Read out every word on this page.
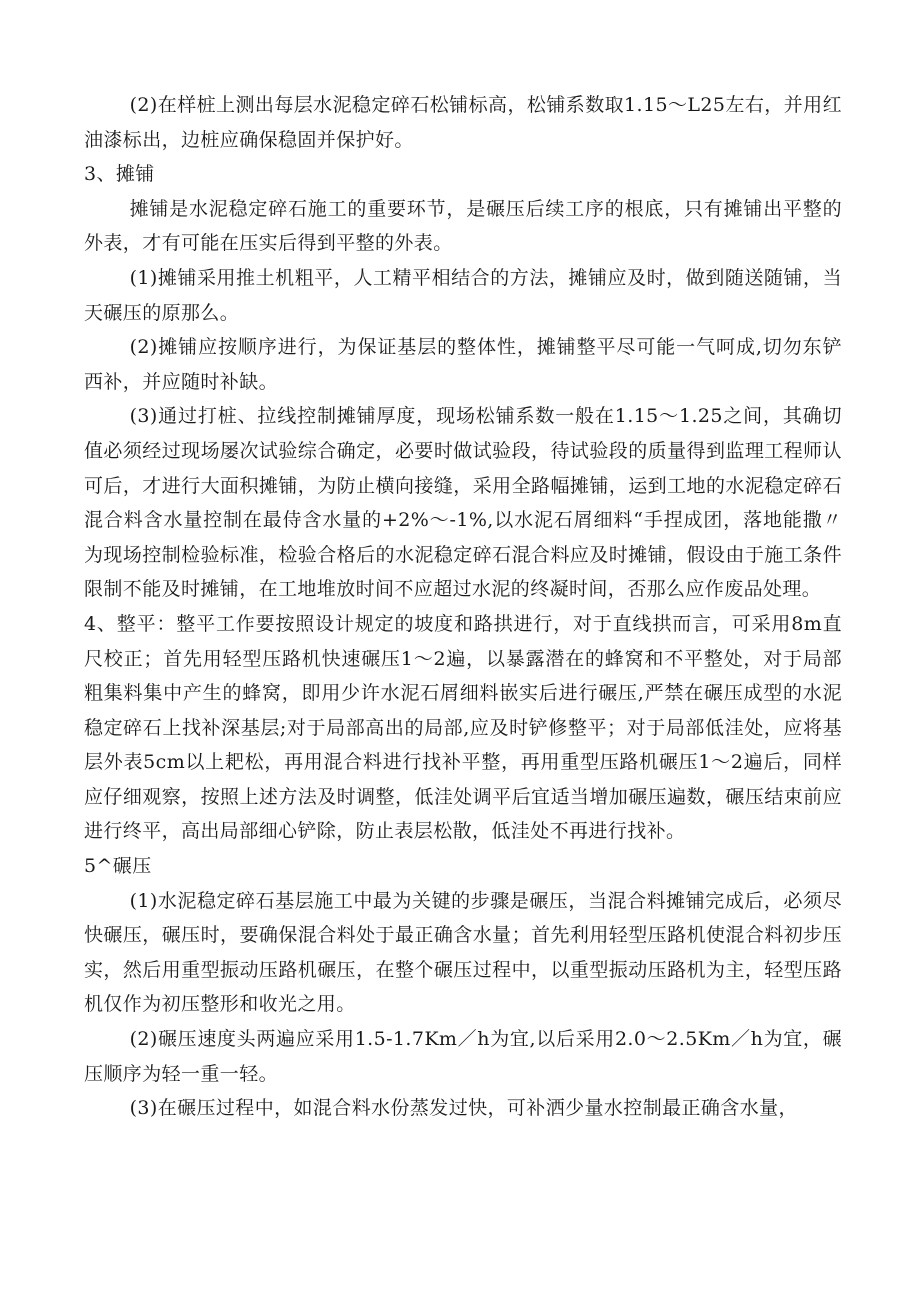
(2)在样桩上测出每层水泥稳定碎石松铺标高，松铺系数取1.15～L25左右，并用红油漆标出，边桩应确保稳固并保护好。

3、摊铺

摊铺是水泥稳定碎石施工的重要环节，是碾压后续工序的根底，只有摊铺出平整的外表，才有可能在压实后得到平整的外表。

(1)摊铺采用推土机粗平，人工精平相结合的方法，摊铺应及时，做到随送随铺，当天碾压的原那么。

(2)摊铺应按顺序进行，为保证基层的整体性，摊铺整平尽可能一气呵成,切勿东铲西补，并应随时补缺。

(3)通过打桩、拉线控制摊铺厚度，现场松铺系数一般在1.15～1.25之间，其确切值必须经过现场屡次试验综合确定，必要时做试验段，待试验段的质量得到监理工程师认可后，才进行大面积摊铺，为防止横向接缝，采用全路幅摊铺，运到工地的水泥稳定碎石混合料含水量控制在最侍含水量的+2%～-1%,以水泥石屑细料“手捏成团，落地能撒〃为现场控制检验标准，检验合格后的水泥稳定碎石混合料应及时摊铺，假设由于施工条件限制不能及时摊铺，在工地堆放时间不应超过水泥的终凝时间，否那么应作废品处理。

4、整平：整平工作要按照设计规定的坡度和路拱进行，对于直线拱而言，可采用8m直尺校正；首先用轻型压路机快速碾压1～2遍，以暴露潜在的蜂窝和不平整处，对于局部粗集料集中产生的蜂窝，即用少许水泥石屑细料嵌实后进行碾压,严禁在碾压成型的水泥稳定碎石上找补深基层;对于局部高出的局部,应及时铲修整平；对于局部低洼处，应将基层外表5cm以上耙松，再用混合料进行找补平整，再用重型压路机碾压1～2遍后，同样应仔细观察，按照上述方法及时调整，低洼处调平后宜适当增加碾压遍数，碾压结束前应进行终平，高出局部细心铲除，防止表层松散，低洼处不再进行找补。

5^碾压

(1)水泥稳定碎石基层施工中最为关键的步骤是碾压，当混合料摊铺完成后，必须尽快碾压，碾压时，要确保混合料处于最正确含水量；首先利用轻型压路机使混合料初步压实，然后用重型振动压路机碾压，在整个碾压过程中，以重型振动压路机为主，轻型压路机仅作为初压整形和收光之用。

(2)碾压速度头两遍应采用1.5-1.7Km／h为宜,以后采用2.0～2.5Km／h为宜，碾压顺序为轻一重一轻。

(3)在碾压过程中，如混合料水份蒸发过快，可补洒少量水控制最正确含水量，
